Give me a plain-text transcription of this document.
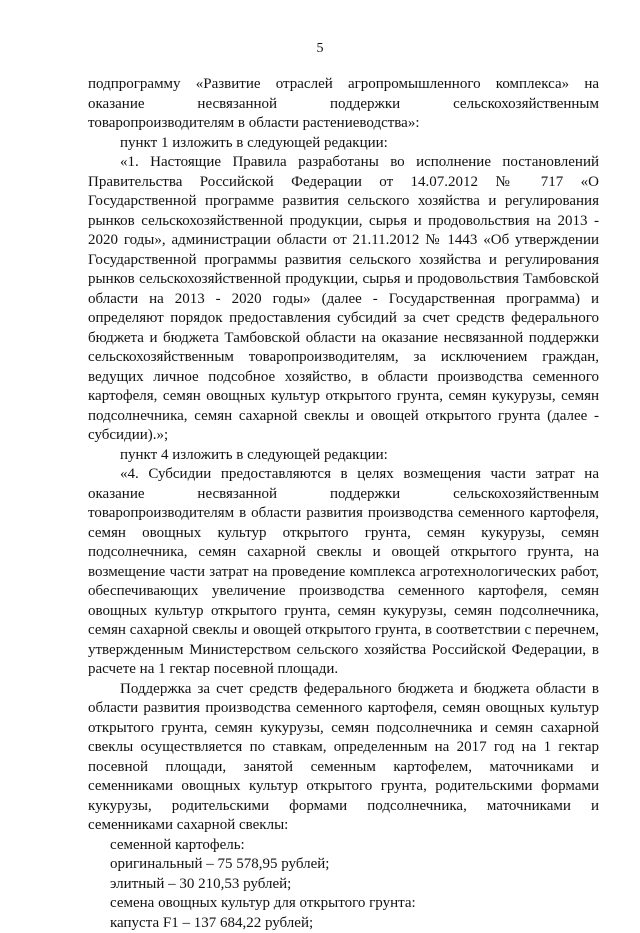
5

подпрограмму «Развитие отраслей агропромышленного комплекса» на оказание несвязанной поддержки сельскохозяйственным товаропроизводителям в области растениеводства»:

пункт 1 изложить в следующей редакции:

«1. Настоящие Правила разработаны во исполнение постановлений Правительства Российской Федерации от 14.07.2012 № 717 «О Государственной программе развития сельского хозяйства и регулирования рынков сельскохозяйственной продукции, сырья и продовольствия на 2013 - 2020 годы», администрации области от 21.11.2012 № 1443 «Об утверждении Государственной программы развития сельского хозяйства и регулирования рынков сельскохозяйственной продукции, сырья и продовольствия Тамбовской области на 2013 - 2020 годы» (далее - Государственная программа) и определяют порядок предоставления субсидий за счет средств федерального бюджета и бюджета Тамбовской области на оказание несвязанной поддержки сельскохозяйственным товаропроизводителям, за исключением граждан, ведущих личное подсобное хозяйство, в области производства семенного картофеля, семян овощных культур открытого грунта, семян кукурузы, семян подсолнечника, семян сахарной свеклы и овощей открытого грунта (далее - субсидии).»;

пункт 4 изложить в следующей редакции:

«4. Субсидии предоставляются в целях возмещения части затрат на оказание несвязанной поддержки сельскохозяйственным товаропроизводителям в области развития производства семенного картофеля, семян овощных культур открытого грунта, семян кукурузы, семян подсолнечника, семян сахарной свеклы и овощей открытого грунта, на возмещение части затрат на проведение комплекса агротехнологических работ, обеспечивающих увеличение производства семенного картофеля, семян овощных культур открытого грунта, семян кукурузы, семян подсолнечника, семян сахарной свеклы и овощей открытого грунта, в соответствии с перечнем, утвержденным Министерством сельского хозяйства Российской Федерации, в расчете на 1 гектар посевной площади.

Поддержка за счет средств федерального бюджета и бюджета области в области развития производства семенного картофеля, семян овощных культур открытого грунта, семян кукурузы, семян подсолнечника и семян сахарной свеклы осуществляется по ставкам, определенным на 2017 год на 1 гектар посевной площади, занятой семенным картофелем, маточниками и семенниками овощных культур открытого грунта, родительскими формами кукурузы, родительскими формами подсолнечника, маточниками и семенниками сахарной свеклы:

семенной картофель:

оригинальный – 75 578,95 рублей;

элитный – 30 210,53 рублей;

семена овощных культур для открытого грунта:

капуста F1 – 137 684,22 рублей;
